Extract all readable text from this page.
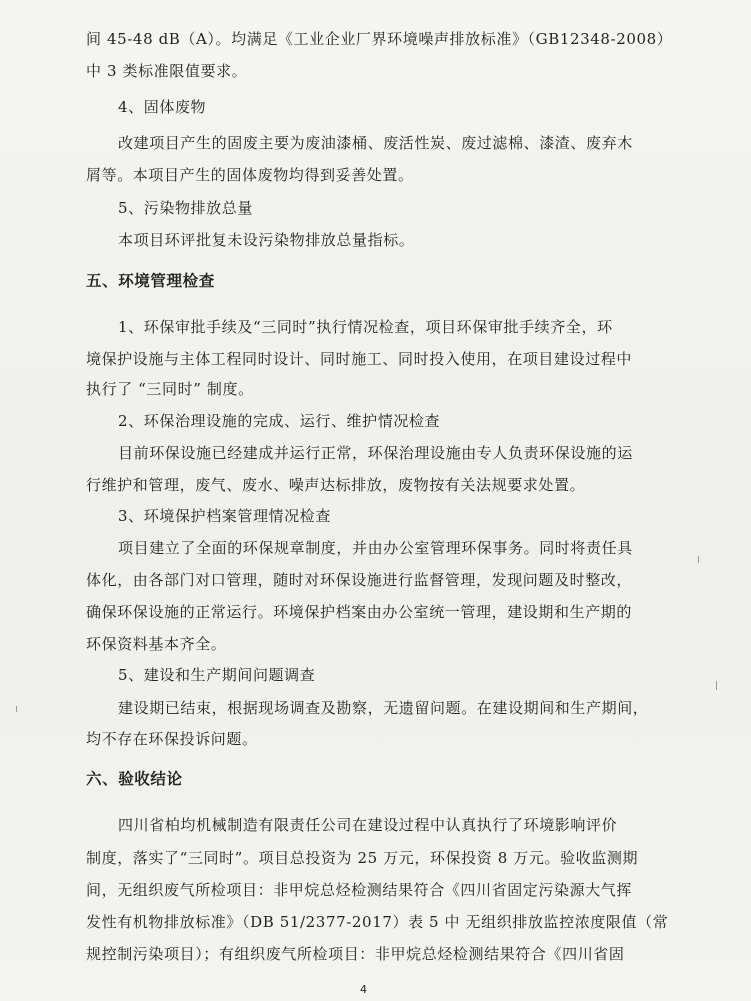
间 45-48 dB（A）。均满足《工业企业厂界环境噪声排放标准》（GB12348-2008）
中 3 类标准限值要求。
4、固体废物
改建项目产生的固废主要为废油漆桶、废活性炭、废过滤棉、漆渣、废弃木
屑等。本项目产生的固体废物均得到妥善处置。
5、污染物排放总量
本项目环评批复未设污染物排放总量指标。
五、环境管理检查
1、环保审批手续及“三同时”执行情况检查，项目环保审批手续齐全，环
境保护设施与主体工程同时设计、同时施工、同时投入使用，在项目建设过程中
执行了 “三同时” 制度。
2、环保治理设施的完成、运行、维护情况检查
目前环保设施已经建成并运行正常，环保治理设施由专人负责环保设施的运
行维护和管理，废气、废水、噪声达标排放，废物按有关法规要求处置。
3、环境保护档案管理情况检查
项目建立了全面的环保规章制度，并由办公室管理环保事务。同时将责任具
体化，由各部门对口管理，随时对环保设施进行监督管理，发现问题及时整改，
确保环保设施的正常运行。环境保护档案由办公室统一管理，建设期和生产期的
环保资料基本齐全。
5、建设和生产期间问题调查
建设期已结束，根据现场调查及勘察，无遗留问题。在建设期间和生产期间，
均不存在环保投诉问题。
六、验收结论
四川省柏均机械制造有限责任公司在建设过程中认真执行了环境影响评价
制度，落实了“三同时”。项目总投资为 25 万元，环保投资 8 万元。验收监测期
间，无组织废气所检项目：非甲烷总烃检测结果符合《四川省固定污染源大气挥
发性有机物排放标准》（DB 51/2377-2017）表 5 中 无组织排放监控浓度限值（常
规控制污染项目）；有组织废气所检项目：非甲烷总烃检测结果符合《四川省固
4
